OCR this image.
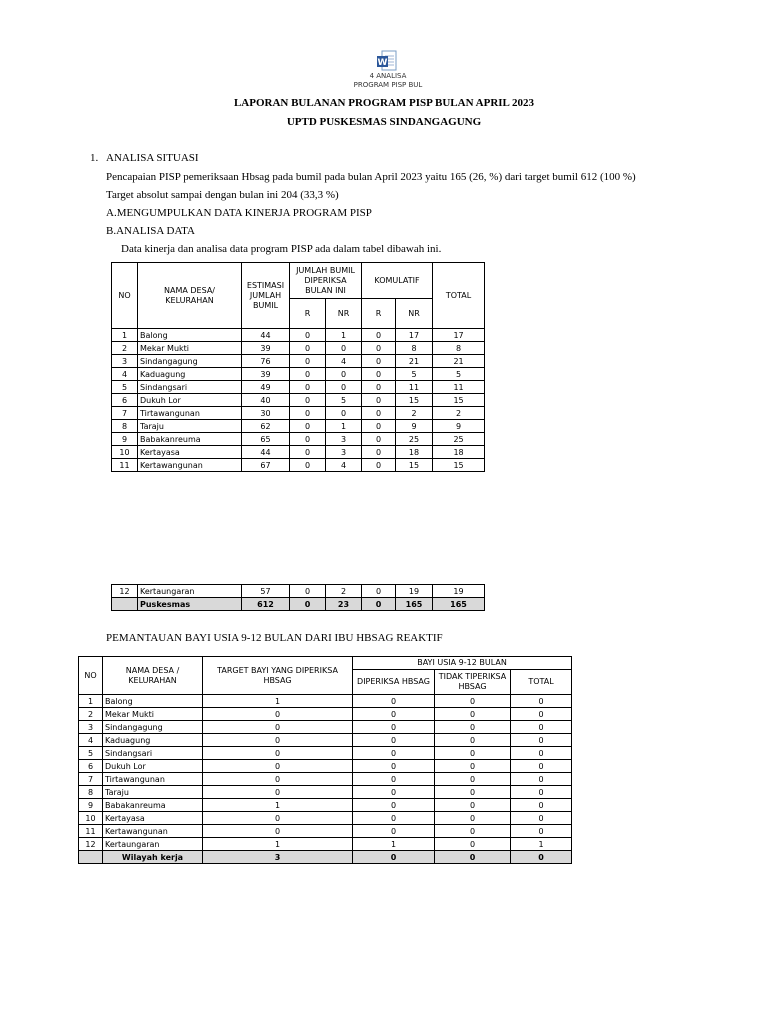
W
4 ANALISA
PROGRAM PISP BUL
LAPORAN BULANAN PROGRAM PISP BULAN APRIL 2023
UPTD PUSKESMAS SINDANGAGUNG
1. ANALISA SITUASI
Pencapaian PISP pemeriksaan Hbsag pada bumil pada bulan April 2023 yaitu 165 (26, %) dari target bumil 612 (100 %)
Target absolut sampai dengan bulan ini 204 (33,3 %)
A.MENGUMPULKAN DATA KINERJA PROGRAM PISP
B.ANALISA DATA
Data kinerja dan analisa data program PISP ada dalam tabel dibawah ini.
NO	NAMA DESA/ KELURAHAN	ESTIMASI JUMLAH BUMIL	JUMLAH BUMIL DIPERIKSA BULAN INI		KOMULATIF		TOTAL
			R	NR	R	NR	
1	Balong	44	0	1	0	17	17
2	Mekar Mukti	39	0	0	0	8	8
3	Sindangagung	76	0	4	0	21	21
4	Kaduagung	39	0	0	0	5	5
5	Sindangsari	49	0	0	0	11	11
6	Dukuh Lor	40	0	5	0	15	15
7	Tirtawangunan	30	0	0	0	2	2
8	Taraju	62	0	1	0	9	9
9	Babakanreuma	65	0	3	0	25	25
10	Kertayasa	44	0	3	0	18	18
11	Kertawangunan	67	0	4	0	15	15
12	Kertaungaran	57	0	2	0	19	19
	Puskesmas	612	0	23	0	165	165
PEMANTAUAN BAYI USIA 9-12 BULAN DARI IBU HBSAG REAKTIF
NO	NAMA DESA / KELURAHAN	TARGET BAYI YANG DIPERIKSA HBSAG	BAYI USIA 9-12 BULAN		
			DIPERIKSA HBSAG	TIDAK TIPERIKSA HBSAG	TOTAL
1	Balong	1	0	0	0
2	Mekar Mukti	0	0	0	0
3	Sindangagung	0	0	0	0
4	Kaduagung	0	0	0	0
5	Sindangsari	0	0	0	0
6	Dukuh Lor	0	0	0	0
7	Tirtawangunan	0	0	0	0
8	Taraju	0	0	0	0
9	Babakanreuma	1	0	0	0
10	Kertayasa	0	0	0	0
11	Kertawangunan	0	0	0	0
12	Kertaungaran	1	1	0	1
	Wilayah kerja	3	0	0	0
